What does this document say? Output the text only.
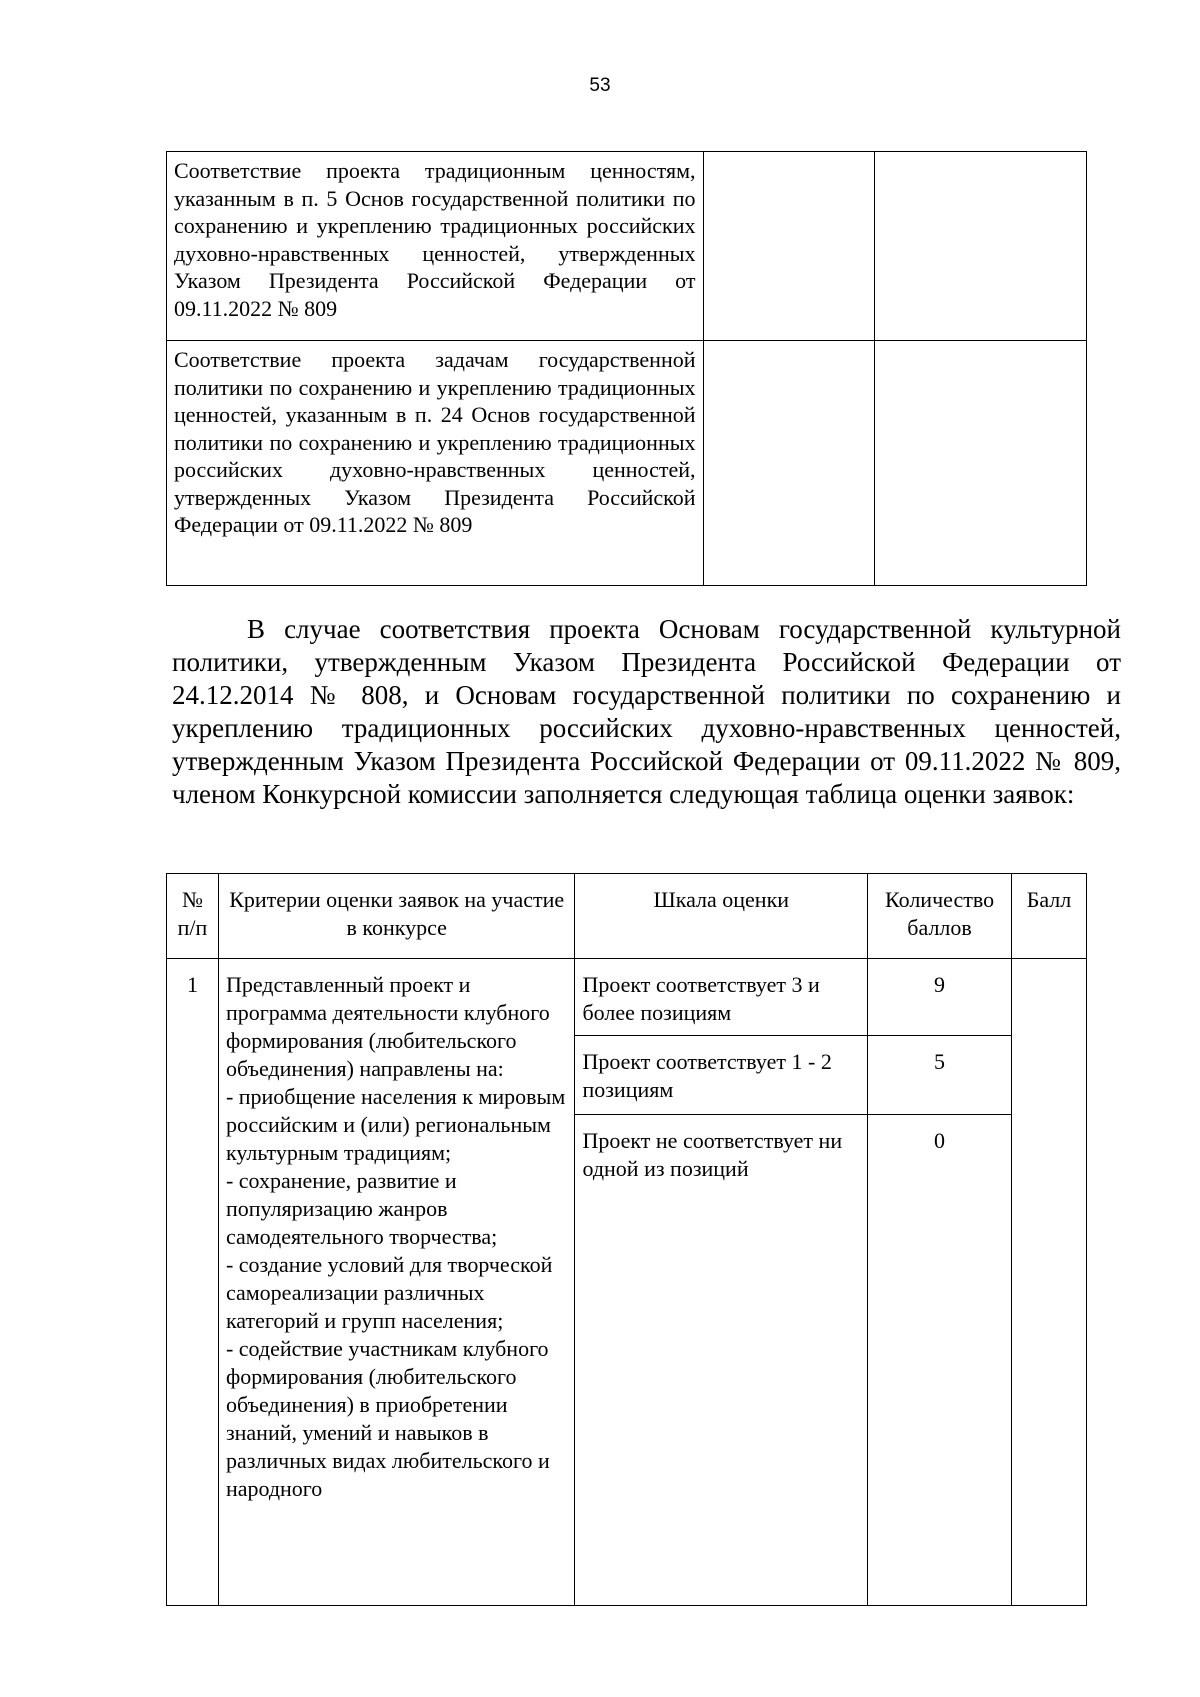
53
Соответствие проекта традиционным ценностям, указанным в п. 5 Основ государственной политики по сохранению и укреплению традиционных российских духовно-нравственных ценностей, утвержденных Указом Президента Российской Федерации от 09.11.2022 № 809		

Соответствие проекта задачам государственной политики по сохранению и укреплению традиционных ценностей, указанным в п. 24 Основ государственной политики по сохранению и укреплению традиционных российских духовно-нравственных ценностей, утвержденных Указом Президента Российской Федерации от 09.11.2022 № 809		

В случае соответствия проекта Основам государственной культурной политики, утвержденным Указом Президента Российской Федерации от 24.12.2014 № 808, и Основам государственной политики по сохранению и укреплению традиционных российских духовно-нравственных ценностей, утвержденным Указом Президента Российской Федерации от 09.11.2022 № 809, членом Конкурсной комиссии заполняется следующая таблица оценки заявок:

№ п/п	Критерии оценки заявок на участие в конкурсе	Шкала оценки	Количество баллов	Балл
1	Представленный проект и программа деятельности клубного формирования (любительского объединения) направлены на:
- приобщение населения к мировым российским и (или) региональным культурным традициям;
- сохранение, развитие и популяризацию жанров самодеятельного творчества;
- создание условий для творческой самореализации различных категорий и групп населения;
- содействие участникам клубного формирования (любительского объединения) в приобретении знаний, умений и навыков в различных видах любительского и народного	Проект соответствует 3 и более позициям	9	
		Проект соответствует 1 - 2 позициям	5	
		Проект не соответствует ни одной из позиций	0	
